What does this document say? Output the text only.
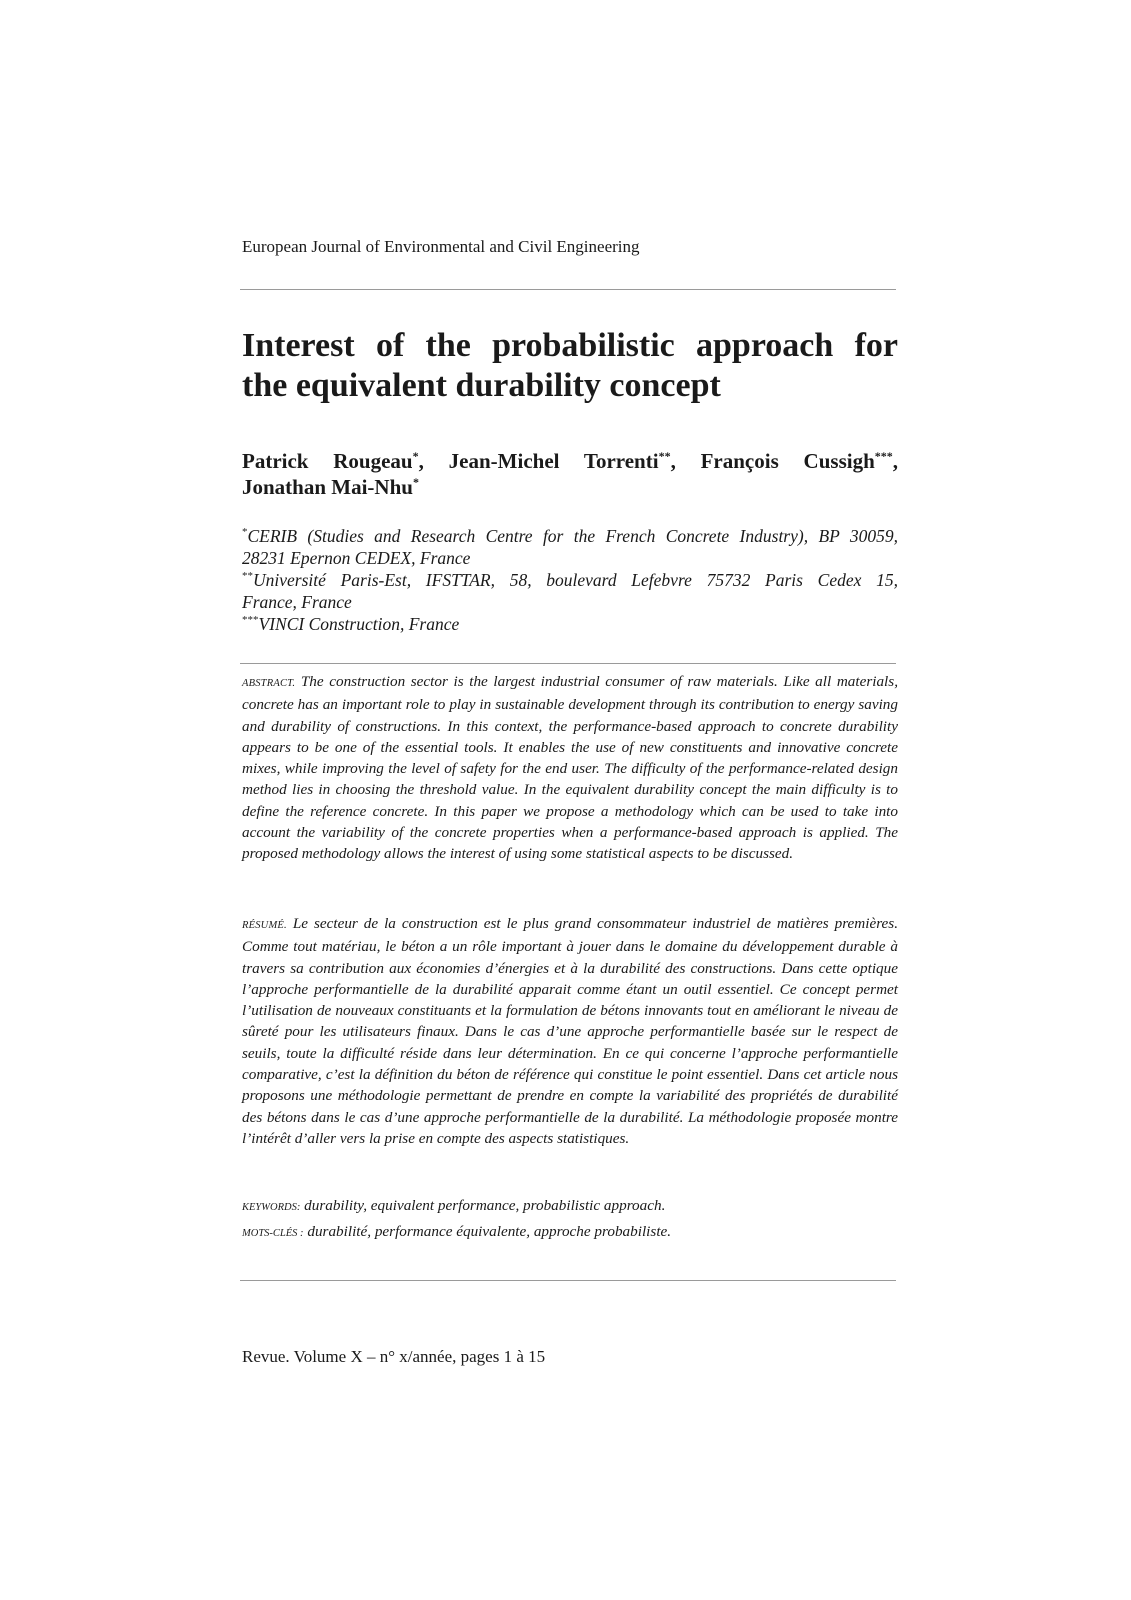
European Journal of Environmental and Civil Engineering
Interest of the probabilistic approach for
the equivalent durability concept
Patrick Rougeau*, Jean-Michel Torrenti**, François Cussigh***,
Jonathan Mai-Nhu*
*CERIB (Studies and Research Centre for the French Concrete Industry), BP 30059,
28231 Epernon CEDEX, France
**Université Paris-Est, IFSTTAR, 58, boulevard Lefebvre 75732 Paris Cedex 15,
France, France
***VINCI Construction, France
ABSTRACT. The construction sector is the largest industrial consumer of raw materials. Like all materials, concrete has an important role to play in sustainable development through its contribution to energy saving and durability of constructions. In this context, the performance-based approach to concrete durability appears to be one of the essential tools. It enables the use of new constituents and innovative concrete mixes, while improving the level of safety for the end user. The difficulty of the performance-related design method lies in choosing the threshold value. In the equivalent durability concept the main difficulty is to define the reference concrete. In this paper we propose a methodology which can be used to take into account the variability of the concrete properties when a performance-based approach is applied. The proposed methodology allows the interest of using some statistical aspects to be discussed.
RÉSUMÉ. Le secteur de la construction est le plus grand consommateur industriel de matières premières. Comme tout matériau, le béton a un rôle important à jouer dans le domaine du développement durable à travers sa contribution aux économies d’énergies et à la durabilité des constructions. Dans cette optique l’approche performantielle de la durabilité apparait comme étant un outil essentiel. Ce concept permet l’utilisation de nouveaux constituants et la formulation de bétons innovants tout en améliorant le niveau de sûreté pour les utilisateurs finaux. Dans le cas d’une approche performantielle basée sur le respect de seuils, toute la difficulté réside dans leur détermination. En ce qui concerne l’approche performantielle comparative, c’est la définition du béton de référence qui constitue le point essentiel. Dans cet article nous proposons une méthodologie permettant de prendre en compte la variabilité des propriétés de durabilité des bétons dans le cas d’une approche performantielle de la durabilité. La méthodologie proposée montre l’intérêt d’aller vers la prise en compte des aspects statistiques.
KEYWORDS: durability, equivalent performance, probabilistic approach.
MOTS-CLÉS : durabilité, performance équivalente, approche probabiliste.
Revue. Volume X – n° x/année, pages 1 à 15
